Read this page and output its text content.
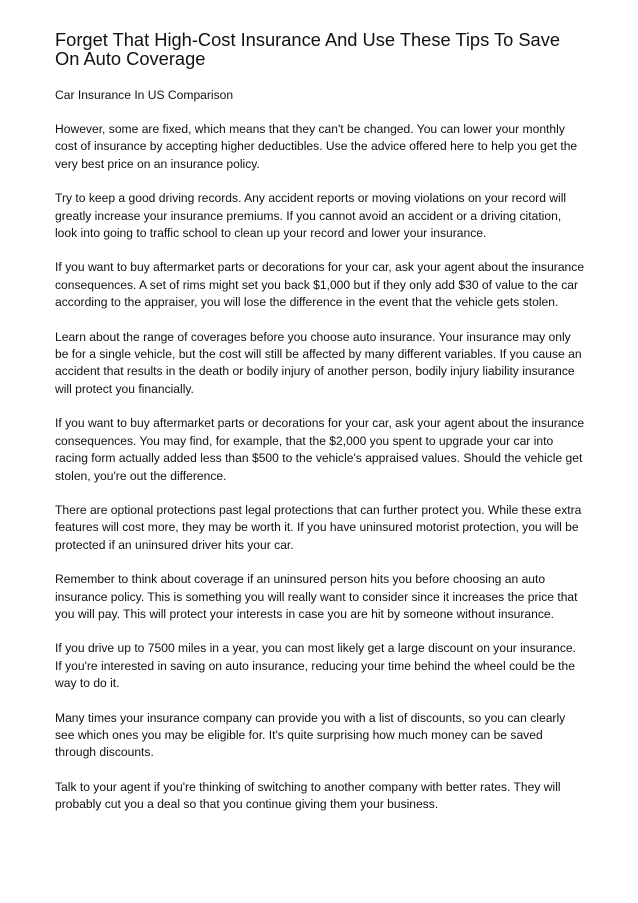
Forget That High-Cost Insurance And Use These Tips To Save On Auto Coverage

Car Insurance In US Comparison

However, some are fixed, which means that they can't be changed. You can lower your monthly cost of insurance by accepting higher deductibles. Use the advice offered here to help you get the very best price on an insurance policy.

Try to keep a good driving records. Any accident reports or moving violations on your record will greatly increase your insurance premiums. If you cannot avoid an accident or a driving citation, look into going to traffic school to clean up your record and lower your insurance.

If you want to buy aftermarket parts or decorations for your car, ask your agent about the insurance consequences. A set of rims might set you back $1,000 but if they only add $30 of value to the car according to the appraiser, you will lose the difference in the event that the vehicle gets stolen.

Learn about the range of coverages before you choose auto insurance. Your insurance may only be for a single vehicle, but the cost will still be affected by many different variables. If you cause an accident that results in the death or bodily injury of another person, bodily injury liability insurance will protect you financially.

If you want to buy aftermarket parts or decorations for your car, ask your agent about the insurance consequences. You may find, for example, that the $2,000 you spent to upgrade your car into racing form actually added less than $500 to the vehicle's appraised values. Should the vehicle get stolen, you're out the difference.

There are optional protections past legal protections that can further protect you. While these extra features will cost more, they may be worth it. If you have uninsured motorist protection, you will be protected if an uninsured driver hits your car.

Remember to think about coverage if an uninsured person hits you before choosing an auto insurance policy. This is something you will really want to consider since it increases the price that you will pay. This will protect your interests in case you are hit by someone without insurance.

If you drive up to 7500 miles in a year, you can most likely get a large discount on your insurance. If you're interested in saving on auto insurance, reducing your time behind the wheel could be the way to do it.

Many times your insurance company can provide you with a list of discounts, so you can clearly see which ones you may be eligible for. It's quite surprising how much money can be saved through discounts.

Talk to your agent if you're thinking of switching to another company with better rates. They will probably cut you a deal so that you continue giving them your business.
